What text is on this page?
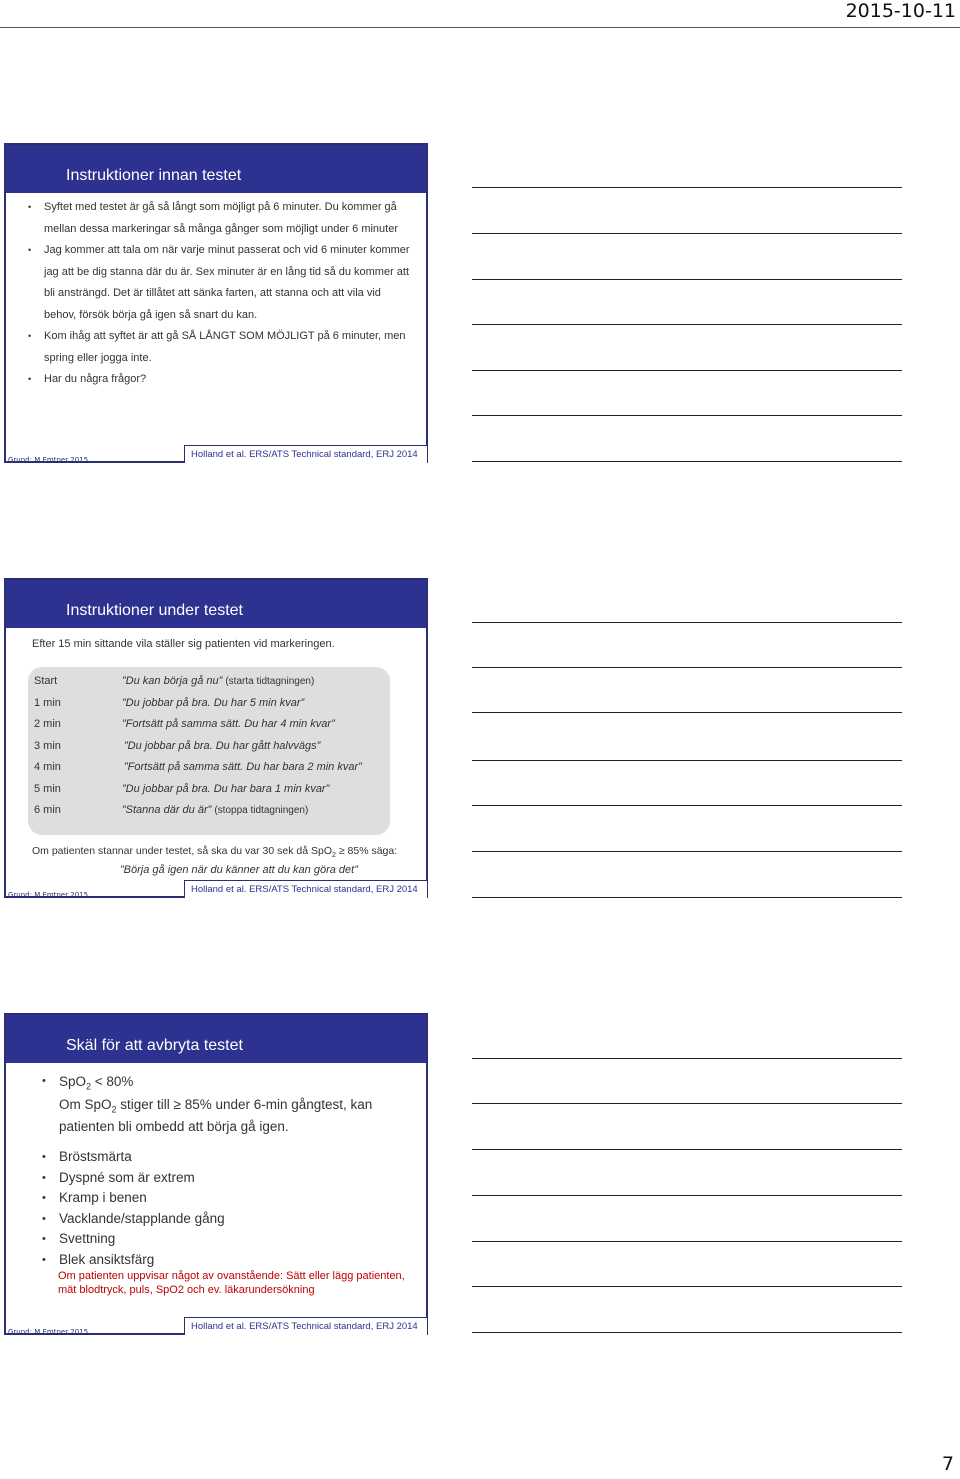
2015-10-11
Instruktioner innan testet
• Syftet med testet är gå så långt som möjligt på 6 minuter. Du kommer gå mellan dessa markeringar så många gånger som möjligt under 6 minuter
• Jag kommer att tala om när varje minut passerat och vid 6 minuter kommer jag att be dig stanna där du är. Sex minuter är en lång tid så du kommer att bli ansträngd. Det är tillåtet att sänka farten, att stanna och att vila vid behov, försök börja gå igen så snart du kan.
• Kom ihåg att syftet är att gå SÅ LÅNGT SOM MÖJLIGT på 6 minuter, men spring eller jogga inte.
• Har du några frågor?
Grund: M Emtner 2015	Holland et al. ERS/ATS Technical standard, ERJ 2014
Instruktioner under testet
Efter 15 min sittande vila ställer sig patienten vid markeringen.
Start	”Du kan börja gå nu” (starta tidtagningen)
1 min	”Du jobbar på bra. Du har 5 min kvar”
2 min	”Fortsätt på samma sätt. Du har 4 min kvar”
3 min	”Du jobbar på bra. Du har gått halvvägs”
4 min	”Fortsätt på samma sätt. Du har bara 2 min kvar”
5 min	”Du jobbar på bra. Du har bara 1 min kvar”
6 min	”Stanna där du är” (stoppa tidtagningen)
Om patienten stannar under testet, så ska du var 30 sek då SpO$_2$ ≥ 85% säga:
”Börja gå igen när du känner att du kan göra det”
Grund: M Emtner 2015	Holland et al. ERS/ATS Technical standard, ERJ 2014
Skäl för att avbryta testet
• SpO$_2$ < 80%
Om SpO$_2$ stiger till ≥ 85% under 6-min gångtest, kan patienten bli ombedd att börja gå igen.
• Bröstsmärta
• Dyspné som är extrem
• Kramp i benen
• Vacklande/stapplande gång
• Svettning
• Blek ansiktsfärg
Om patienten uppvisar något av ovanstående: Sätt eller lägg patienten, mät blodtryck, puls, SpO2 och ev. läkarundersökning
Grund: M Emtner 2015	Holland et al. ERS/ATS Technical standard, ERJ 2014
7
